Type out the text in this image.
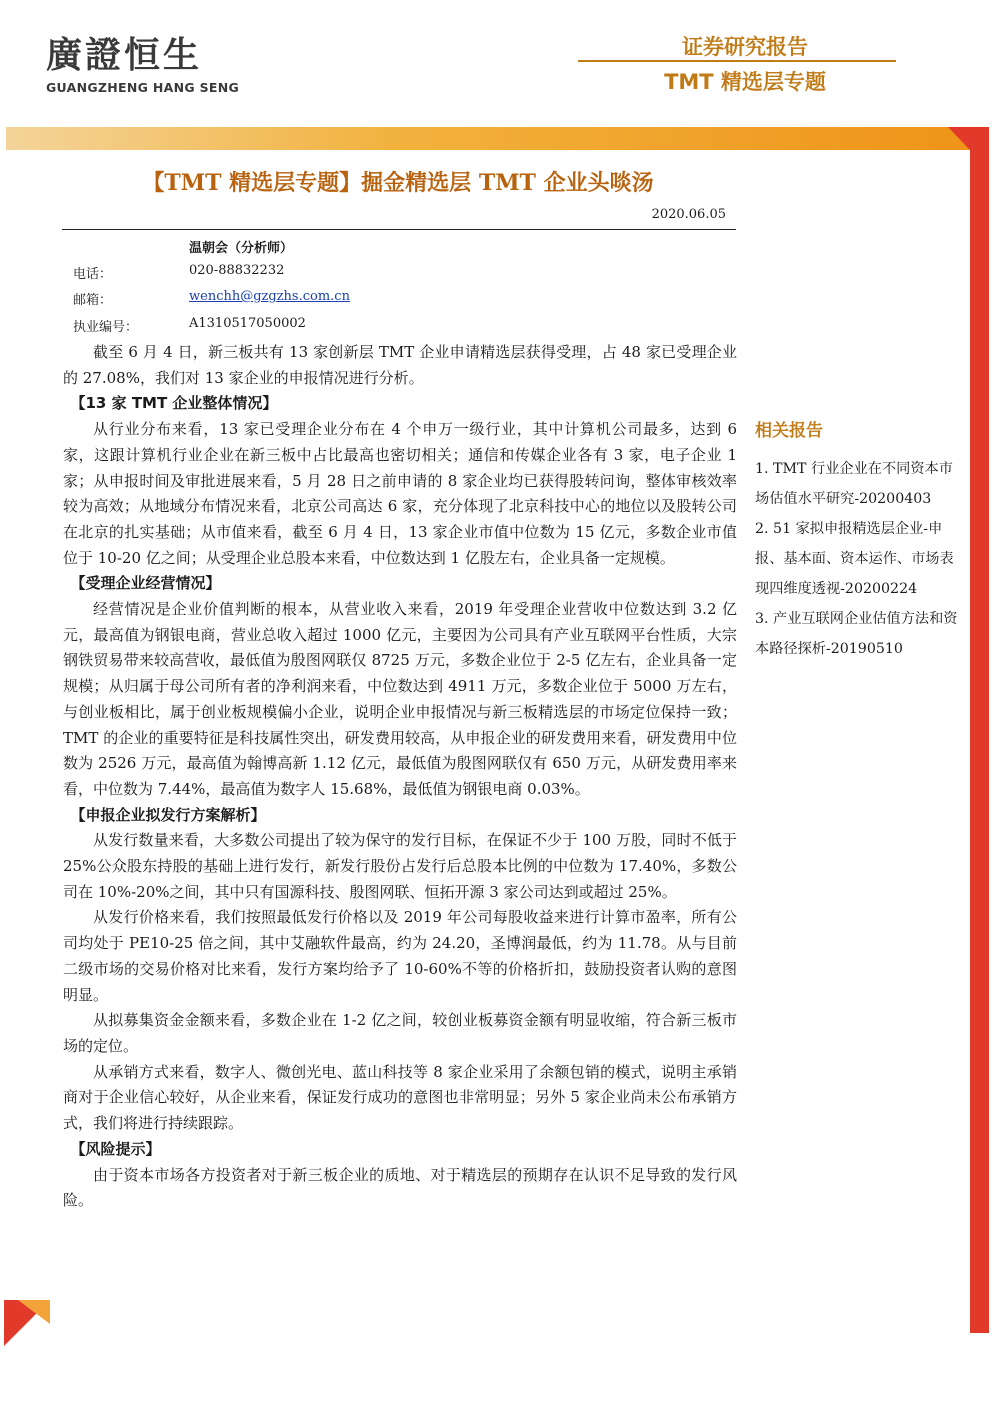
廣證恒生
GUANGZHENG HANG SENG
证券研究报告
TMT 精选层专题
【TMT 精选层专题】掘金精选层 TMT 企业头啖汤
2020.06.05
温朝会（分析师）
电话：	020-88832232
邮箱：	wenchh@gzgzhs.com.cn
执业编号：	A1310517050002

截至 6 月 4 日，新三板共有 13 家创新层 TMT 企业申请精选层获得受理，占 48 家已受理企业的 27.08%，我们对 13 家企业的申报情况进行分析。

【13 家 TMT 企业整体情况】

从行业分布来看，13 家已受理企业分布在 4 个申万一级行业，其中计算机公司最多，达到 6 家，这跟计算机行业企业在新三板中占比最高也密切相关；通信和传媒企业各有 3 家，电子企业 1 家；从申报时间及审批进展来看，5 月 28 日之前申请的 8 家企业均已获得股转问询，整体审核效率较为高效；从地域分布情况来看，北京公司高达 6 家，充分体现了北京科技中心的地位以及股转公司在北京的扎实基础；从市值来看，截至 6 月 4 日，13 家企业市值中位数为 15 亿元，多数企业市值位于 10-20 亿之间；从受理企业总股本来看，中位数达到 1 亿股左右，企业具备一定规模。

【受理企业经营情况】

经营情况是企业价值判断的根本，从营业收入来看，2019 年受理企业营收中位数达到 3.2 亿元，最高值为钢银电商，营业总收入超过 1000 亿元，主要因为公司具有产业互联网平台性质，大宗钢铁贸易带来较高营收，最低值为殷图网联仅 8725 万元，多数企业位于 2-5 亿左右，企业具备一定规模；从归属于母公司所有者的净利润来看，中位数达到 4911 万元，多数企业位于 5000 万左右，与创业板相比，属于创业板规模偏小企业，说明企业申报情况与新三板精选层的市场定位保持一致；TMT 的企业的重要特征是科技属性突出，研发费用较高，从申报企业的研发费用来看，研发费用中位数为 2526 万元，最高值为翰博高新 1.12 亿元，最低值为殷图网联仅有 650 万元，从研发费用率来看，中位数为 7.44%，最高值为数字人 15.68%，最低值为钢银电商 0.03%。

【申报企业拟发行方案解析】

从发行数量来看，大多数公司提出了较为保守的发行目标，在保证不少于 100 万股，同时不低于 25%公众股东持股的基础上进行发行，新发行股份占发行后总股本比例的中位数为 17.40%，多数公司在 10%-20%之间，其中只有国源科技、殷图网联、恒拓开源 3 家公司达到或超过 25%。

从发行价格来看，我们按照最低发行价格以及 2019 年公司每股收益来进行计算市盈率，所有公司均处于 PE10-25 倍之间，其中艾融软件最高，约为 24.20，圣博润最低，约为 11.78。从与目前二级市场的交易价格对比来看，发行方案均给予了 10-60%不等的价格折扣，鼓励投资者认购的意图明显。

从拟募集资金金额来看，多数企业在 1-2 亿之间，较创业板募资金额有明显收缩，符合新三板市场的定位。

从承销方式来看，数字人、微创光电、蓝山科技等 8 家企业采用了余额包销的模式，说明主承销商对于企业信心较好，从企业来看，保证发行成功的意图也非常明显；另外 5 家企业尚未公布承销方式，我们将进行持续跟踪。

【风险提示】

由于资本市场各方投资者对于新三板企业的质地、对于精选层的预期存在认识不足导致的发行风险。

相关报告
1. TMT 行业企业在不同资本市场估值水平研究-20200403
2. 51 家拟申报精选层企业-申报、基本面、资本运作、市场表现四维度透视-20200224
3. 产业互联网企业估值方法和资本路径探析-20190510
